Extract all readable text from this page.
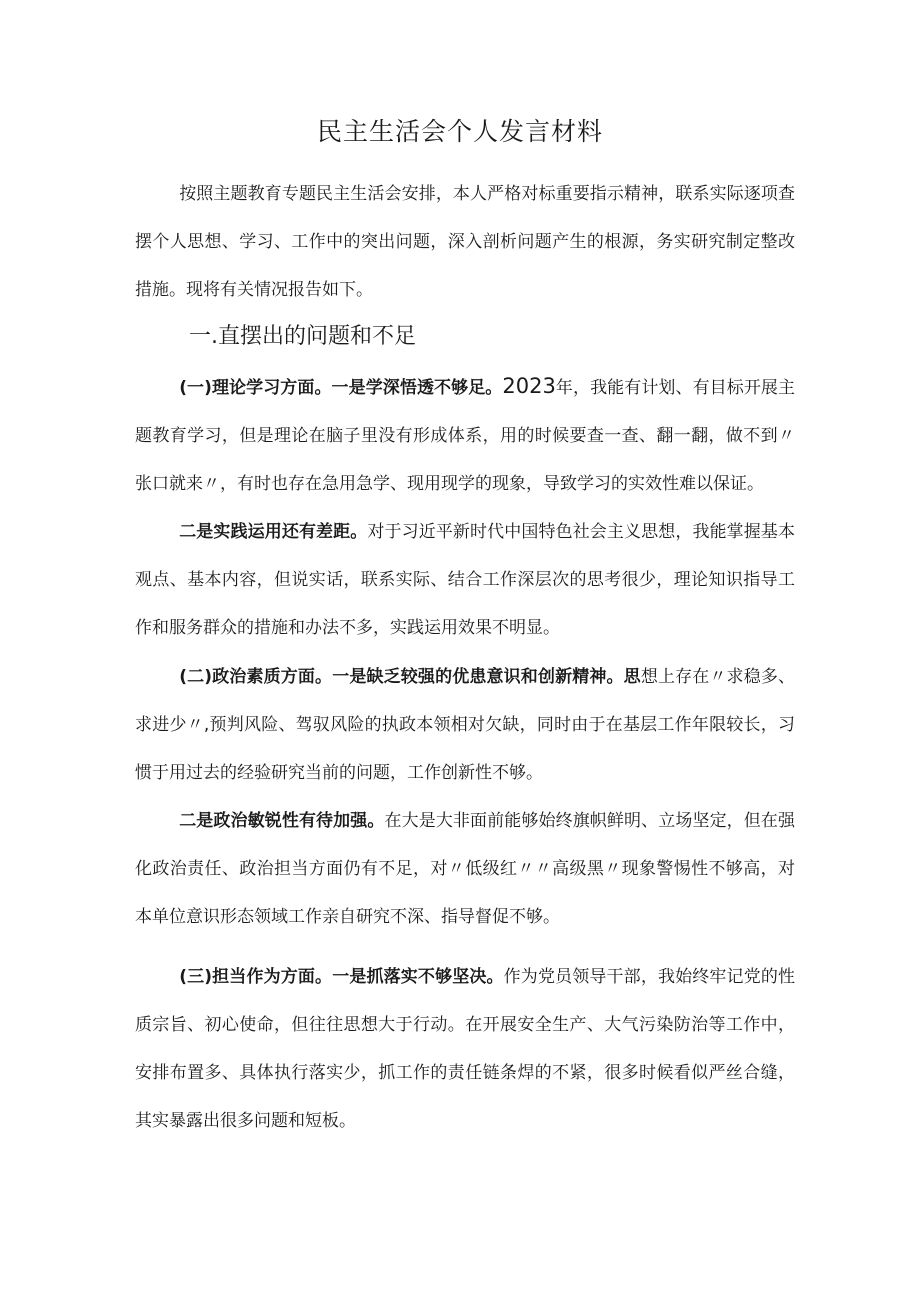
民主生活会个人发言材料

按照主题教育专题民主生活会安排，本人严格对标重要指示精神，联系实际逐项查摆个人思想、学习、工作中的突出问题，深入剖析问题产生的根源，务实研究制定整改措施。现将有关情况报告如下。

一.直摆出的问题和不足

(一)理论学习方面。一是学深悟透不够足。2023年，我能有计划、有目标开展主题教育学习，但是理论在脑子里没有形成体系，用的时候要查一查、翻一翻，做不到〃张口就来〃，有时也存在急用急学、现用现学的现象，导致学习的实效性难以保证。

二是实践运用还有差距。对于习近平新时代中国特色社会主义思想，我能掌握基本观点、基本内容，但说实话，联系实际、结合工作深层次的思考很少，理论知识指导工作和服务群众的措施和办法不多，实践运用效果不明显。

(二)政治素质方面。一是缺乏较强的优患意识和创新精神。思想上存在〃求稳多、求进少〃,预判风险、驾驭风险的执政本领相对欠缺，同时由于在基层工作年限较长，习惯于用过去的经验研究当前的问题，工作创新性不够。

二是政治敏锐性有待加强。在大是大非面前能够始终旗帜鲜明、立场坚定，但在强化政治责任、政治担当方面仍有不足，对〃低级红〃〃高级黑〃现象警惕性不够高，对本单位意识形态领域工作亲自研究不深、指导督促不够。

(三)担当作为方面。一是抓落实不够坚决。作为党员领导干部，我始终牢记党的性质宗旨、初心使命，但往往思想大于行动。在开展安全生产、大气污染防治等工作中，安排布置多、具体执行落实少，抓工作的责任链条焊的不紧，很多时候看似严丝合缝，其实暴露出很多问题和短板。
